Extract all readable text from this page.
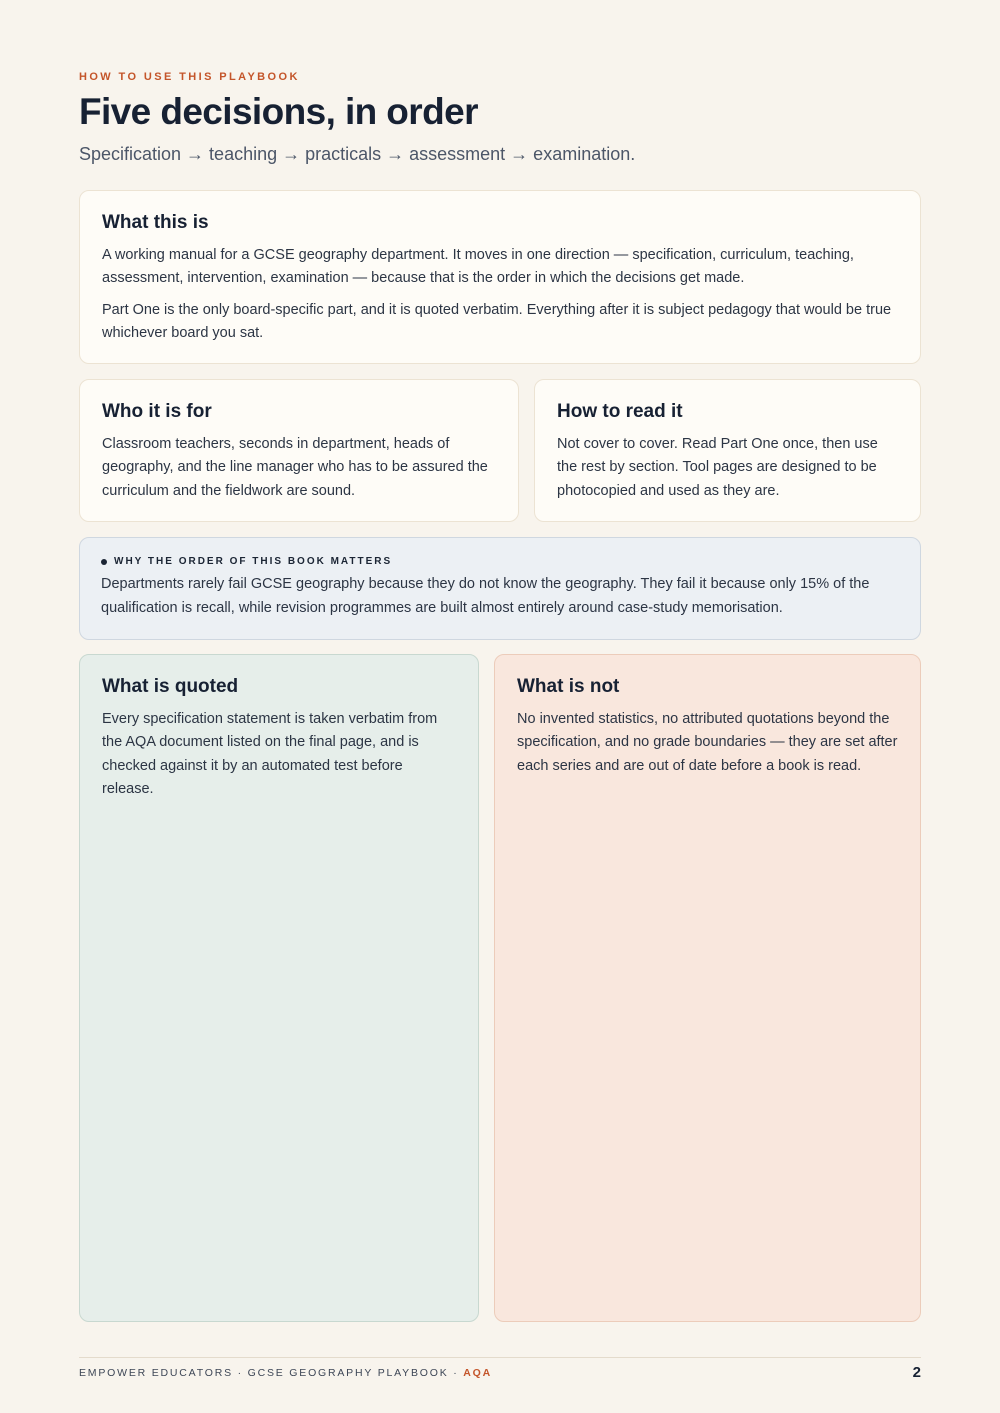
HOW TO USE THIS PLAYBOOK
Five decisions, in order
Specification → teaching → practicals → assessment → examination.
What this is

A working manual for a GCSE geography department. It moves in one direction — specification, curriculum, teaching, assessment, intervention, examination — because that is the order in which the decisions get made.

Part One is the only board-specific part, and it is quoted verbatim. Everything after it is subject pedagogy that would be true whichever board you sat.

Who it is for

Classroom teachers, seconds in department, heads of geography, and the line manager who has to be assured the curriculum and the fieldwork are sound.

How to read it

Not cover to cover. Read Part One once, then use the rest by section. Tool pages are designed to be photocopied and used as they are.

WHY THE ORDER OF THIS BOOK MATTERS

Departments rarely fail GCSE geography because they do not know the geography. They fail it because only 15% of the qualification is recall, while revision programmes are built almost entirely around case-study memorisation.

What is quoted

Every specification statement is taken verbatim from the AQA document listed on the final page, and is checked against it by an automated test before release.

What is not

No invented statistics, no attributed quotations beyond the specification, and no grade boundaries — they are set after each series and are out of date before a book is read.

EMPOWER EDUCATORS · GCSE GEOGRAPHY PLAYBOOK · AQA	2
